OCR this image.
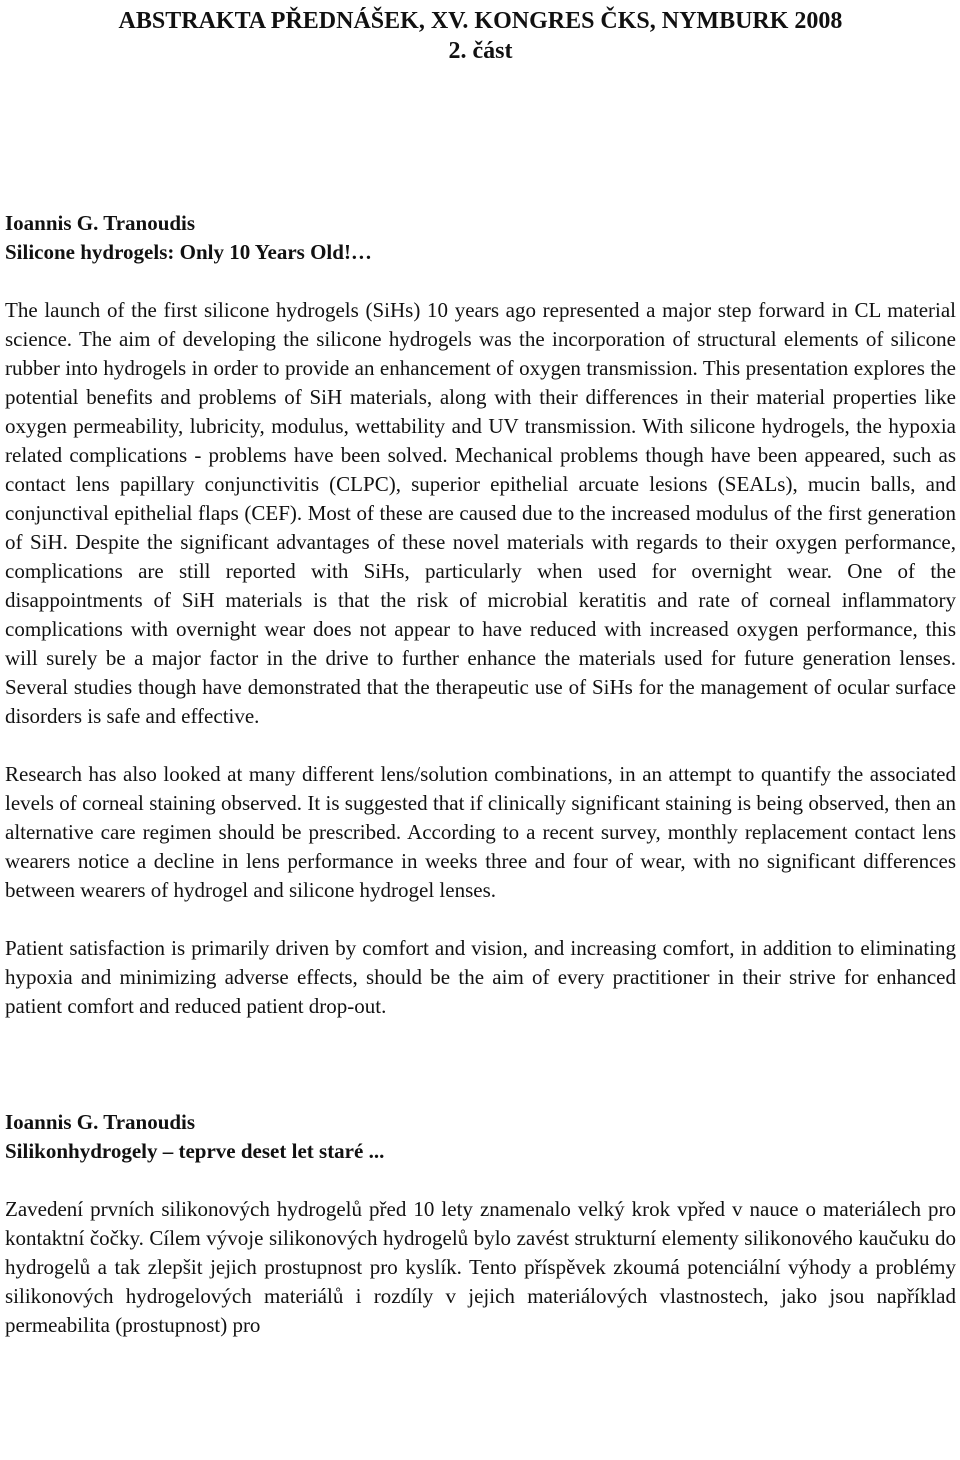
ABSTRAKTA PŘEDNÁŠEK, XV. KONGRES ČKS, NYMBURK 2008
2. část

Ioannis G. Tranoudis

Silicone hydrogels: Only 10 Years Old!…

The launch of the first silicone hydrogels (SiHs) 10 years ago represented a major step forward in CL material science. The aim of developing the silicone hydrogels was the incorporation of structural elements of silicone rubber into hydrogels in order to provide an enhancement of oxygen transmission. This presentation explores the potential benefits and problems of SiH materials, along with their differences in their material properties like oxygen permeability, lubricity, modulus, wettability and UV transmission. With silicone hydrogels, the hypoxia related complications - problems have been solved. Mechanical problems though have been appeared, such as contact lens papillary conjunctivitis (CLPC), superior epithelial arcuate lesions (SEALs), mucin balls, and conjunctival epithelial flaps (CEF). Most of these are caused due to the increased modulus of the first generation of SiH. Despite the significant advantages of these novel materials with regards to their oxygen performance, complications are still reported with SiHs, particularly when used for overnight wear. One of the disappointments of SiH materials is that the risk of microbial keratitis and rate of corneal inflammatory complications with overnight wear does not appear to have reduced with increased oxygen performance, this will surely be a major factor in the drive to further enhance the materials used for future generation lenses. Several studies though have demonstrated that the therapeutic use of SiHs for the management of ocular surface disorders is safe and effective.

Research has also looked at many different lens/solution combinations, in an attempt to quantify the associated levels of corneal staining observed. It is suggested that if clinically significant staining is being observed, then an alternative care regimen should be prescribed. According to a recent survey, monthly replacement contact lens wearers notice a decline in lens performance in weeks three and four of wear, with no significant differences between wearers of hydrogel and silicone hydrogel lenses.

Patient satisfaction is primarily driven by comfort and vision, and increasing comfort, in addition to eliminating hypoxia and minimizing adverse effects, should be the aim of every practitioner in their strive for enhanced patient comfort and reduced patient drop-out.

Ioannis G. Tranoudis

Silikonhydrogely – teprve deset let staré ...

Zavedení prvních silikonových hydrogelů před 10 lety znamenalo velký krok vpřed v nauce o materiálech pro kontaktní čočky. Cílem vývoje silikonových hydrogelů bylo zavést strukturní elementy silikonového kaučuku do hydrogelů a tak zlepšit jejich prostupnost pro kyslík. Tento příspěvek zkoumá potenciální výhody a problémy silikonových hydrogelových materiálů i rozdíly v jejich materiálových vlastnostech, jako jsou například permeabilita (prostupnost) pro
